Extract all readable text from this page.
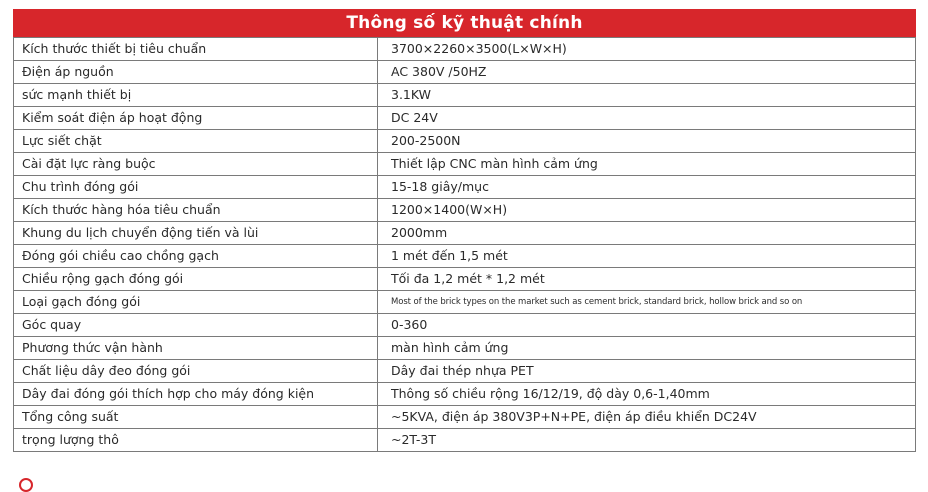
Thông số kỹ thuật chính
Kích thước thiết bị tiêu chuẩn	3700×2260×3500(L×W×H)
Điện áp nguồn	AC 380V /50HZ
sức mạnh thiết bị	3.1KW
Kiểm soát điện áp hoạt động	DC 24V
Lực siết chặt	200-2500N
Cài đặt lực ràng buộc	Thiết lập CNC màn hình cảm ứng
Chu trình đóng gói	15-18 giây/mục
Kích thước hàng hóa tiêu chuẩn	1200×1400(W×H)
Khung du lịch chuyển động tiến và lùi	2000mm
Đóng gói chiều cao chồng gạch	1 mét đến 1,5 mét
Chiều rộng gạch đóng gói	Tối đa 1,2 mét * 1,2 mét
Loại gạch đóng gói	Most of the brick types on the market such as cement brick, standard brick, hollow brick and so on
Góc quay	0-360
Phương thức vận hành	màn hình cảm ứng
Chất liệu dây đeo đóng gói	Dây đai thép nhựa PET
Dây đai đóng gói thích hợp cho máy đóng kiện	Thông số chiều rộng 16/12/19, độ dày 0,6-1,40mm
Tổng công suất	~5KVA, điện áp 380V3P+N+PE, điện áp điều khiển DC24V
trọng lượng thô	~2T-3T
